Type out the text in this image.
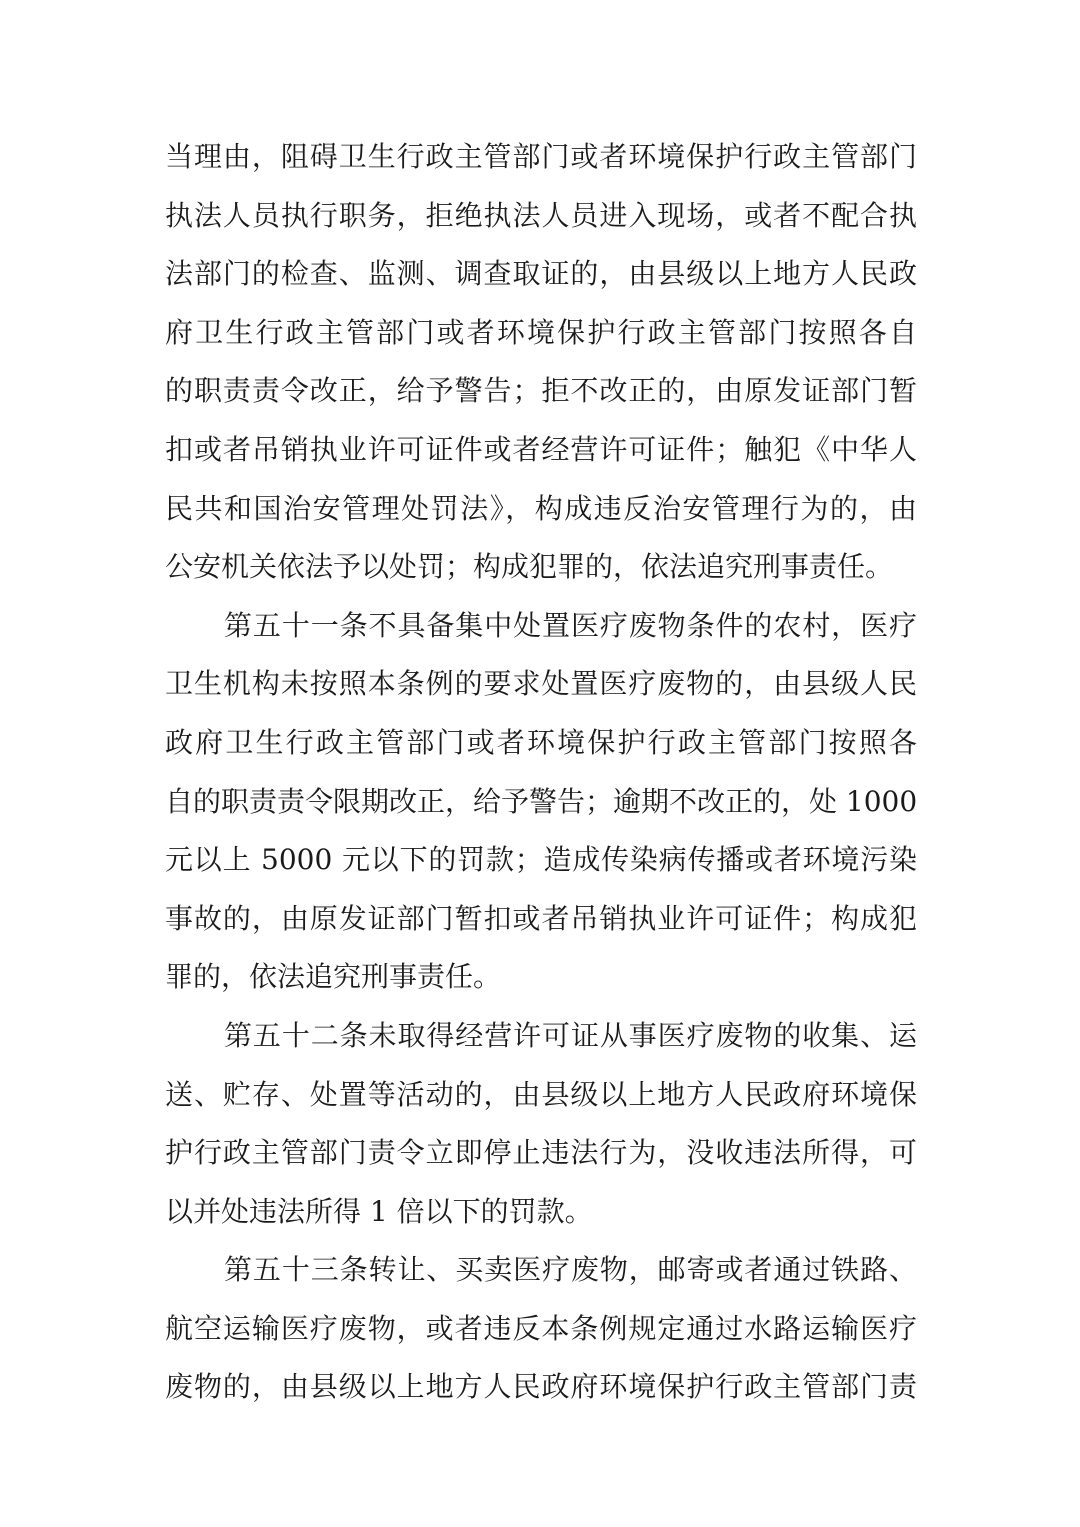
当理由，阻碍卫生行政主管部门或者环境保护行政主管部门
执法人员执行职务，拒绝执法人员进入现场，或者不配合执
法部门的检查、监测、调查取证的，由县级以上地方人民政
府卫生行政主管部门或者环境保护行政主管部门按照各自
的职责责令改正，给予警告；拒不改正的，由原发证部门暂
扣或者吊销执业许可证件或者经营许可证件；触犯《中华人
民共和国治安管理处罚法》，构成违反治安管理行为的，由
公安机关依法予以处罚；构成犯罪的，依法追究刑事责任。
第五十一条不具备集中处置医疗废物条件的农村，医疗
卫生机构未按照本条例的要求处置医疗废物的，由县级人民
政府卫生行政主管部门或者环境保护行政主管部门按照各
自的职责责令限期改正，给予警告；逾期不改正的，处 1000
元以上 5000 元以下的罚款；造成传染病传播或者环境污染
事故的，由原发证部门暂扣或者吊销执业许可证件；构成犯
罪的，依法追究刑事责任。
第五十二条未取得经营许可证从事医疗废物的收集、运
送、贮存、处置等活动的，由县级以上地方人民政府环境保
护行政主管部门责令立即停止违法行为，没收违法所得，可
以并处违法所得 1 倍以下的罚款。
第五十三条转让、买卖医疗废物，邮寄或者通过铁路、
航空运输医疗废物，或者违反本条例规定通过水路运输医疗
废物的，由县级以上地方人民政府环境保护行政主管部门责
